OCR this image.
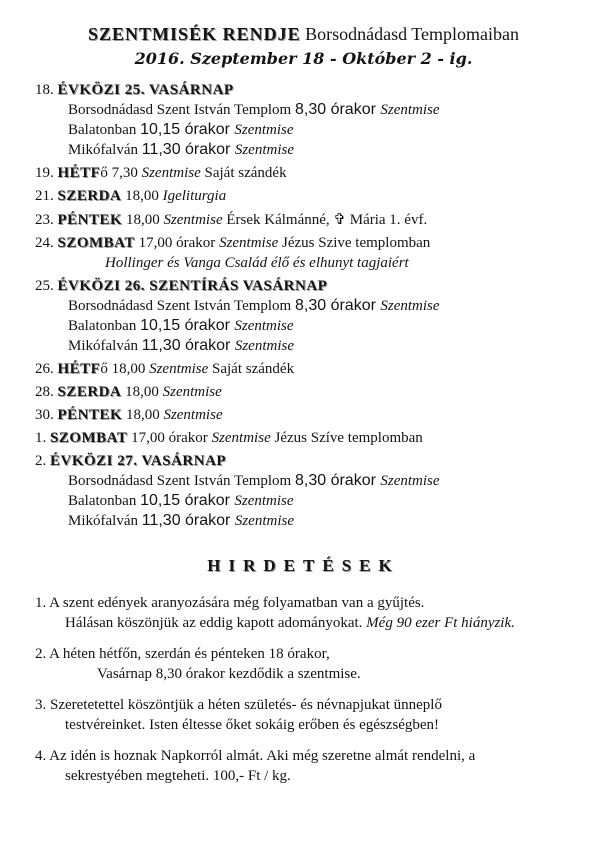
SZENTMISÉK RENDJE Borsodnádasd Templomaiban
2016. Szeptember 18 - Október 2 - ig.
18. ÉVKÖZI 25. VASÁRNAP
Borsodnádasd Szent István Templom 8,30 órakor Szentmise
Balatonban 10,15 órakor Szentmise
Mikófalván 11,30 órakor Szentmise
19. HÉTFő 7,30 Szentmise Saját szándék
21. SZERDA 18,00 Igeliturgia
23. PÉNTEK 18,00 Szentmise Érsek Kálmánné, ✞ Mária 1. évf.
24. SZOMBAT 17,00 órakor Szentmise Jézus Szive templomban
Hollinger és Vanga Család élő és elhunyt tagjaiért
25. ÉVKÖZI 26. SZENTÍRÁS VASÁRNAP
Borsodnádasd Szent István Templom 8,30 órakor Szentmise
Balatonban 10,15 órakor Szentmise
Mikófalván 11,30 órakor Szentmise
26. HÉTFő 18,00 Szentmise Saját szándék
28. SZERDA 18,00 Szentmise
30. PÉNTEK 18,00 Szentmise
1. SZOMBAT 17,00 órakor Szentmise Jézus Szíve templomban
2. ÉVKÖZI 27. VASÁRNAP
Borsodnádasd Szent István Templom 8,30 órakor Szentmise
Balatonban 10,15 órakor Szentmise
Mikófalván 11,30 órakor Szentmise
HIRDETÉSEK
1. A szent edények aranyozására még folyamatban van a gyűjtés.
Hálásan köszönjük az eddig kapott adományokat. Még 90 ezer Ft hiányzik.
2. A héten hétfőn, szerdán és pénteken 18 órakor,
Vasárnap 8,30 órakor kezdődik a szentmise.
3. Szeretetettel köszöntjük a héten születés- és névnapjukat ünneplő
testvéreinket. Isten éltesse őket sokáig erőben és egészségben!
4. Az idén is hoznak Napkorról almát. Aki még szeretne almát rendelni, a
sekrestyében megteheti. 100,- Ft / kg.
